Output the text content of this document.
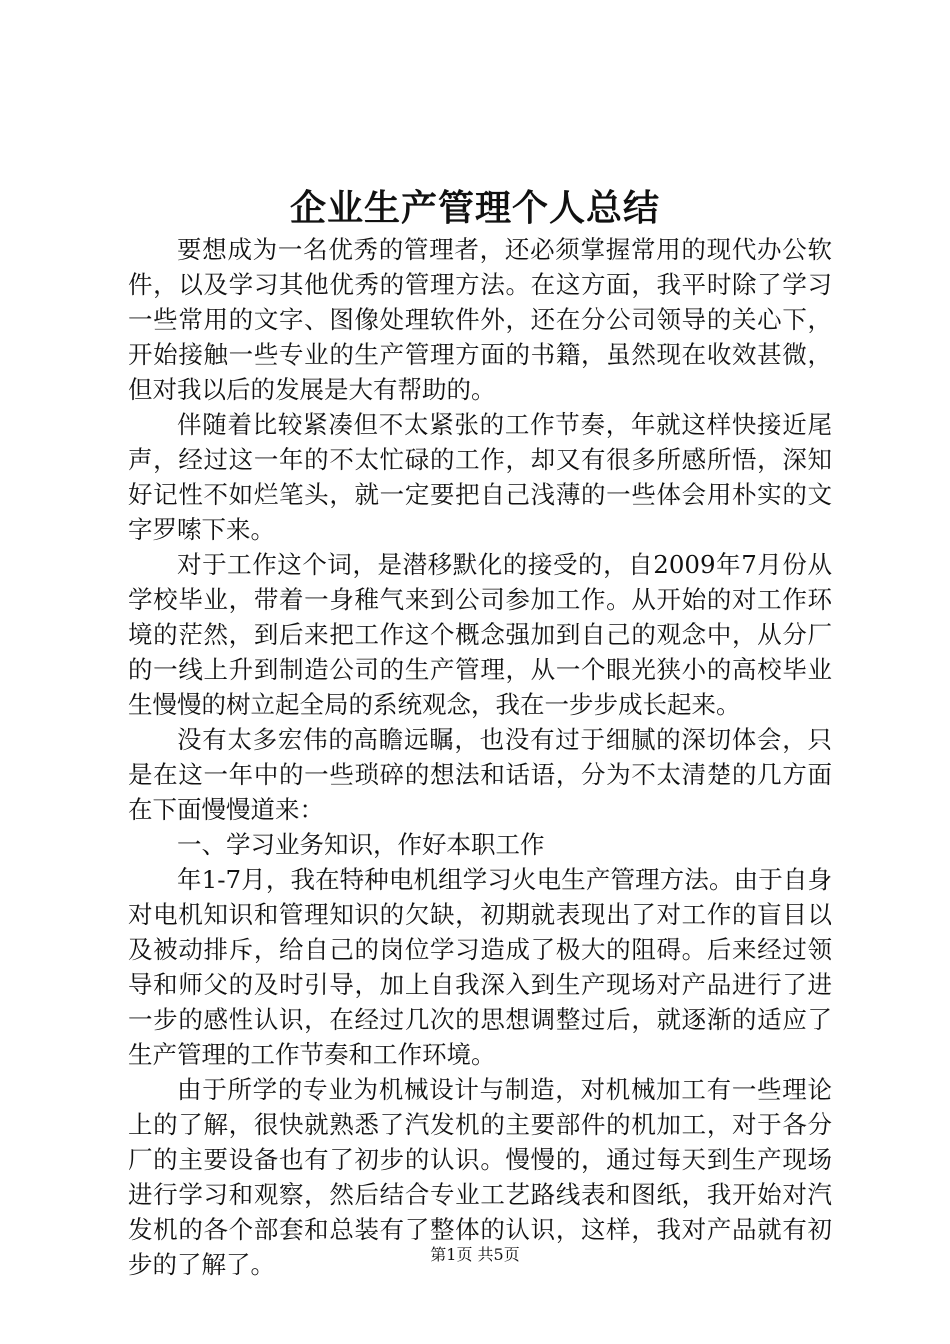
企业生产管理个人总结

要想成为一名优秀的管理者，还必须掌握常用的现代办公软件，以及学习其他优秀的管理方法。在这方面，我平时除了学习一些常用的文字、图像处理软件外，还在分公司领导的关心下，开始接触一些专业的生产管理方面的书籍，虽然现在收效甚微，但对我以后的发展是大有帮助的。

伴随着比较紧凑但不太紧张的工作节奏，年就这样快接近尾声，经过这一年的不太忙碌的工作，却又有很多所感所悟，深知好记性不如烂笔头，就一定要把自己浅薄的一些体会用朴实的文字罗嗦下来。

对于工作这个词，是潜移默化的接受的，自2009年7月份从学校毕业，带着一身稚气来到公司参加工作。从开始的对工作环境的茫然，到后来把工作这个概念强加到自己的观念中，从分厂的一线上升到制造公司的生产管理，从一个眼光狭小的高校毕业生慢慢的树立起全局的系统观念，我在一步步成长起来。

没有太多宏伟的高瞻远瞩，也没有过于细腻的深切体会，只是在这一年中的一些琐碎的想法和话语，分为不太清楚的几方面在下面慢慢道来：

一、学习业务知识，作好本职工作

年1-7月，我在特种电机组学习火电生产管理方法。由于自身对电机知识和管理知识的欠缺，初期就表现出了对工作的盲目以及被动排斥，给自己的岗位学习造成了极大的阻碍。后来经过领导和师父的及时引导，加上自我深入到生产现场对产品进行了进一步的感性认识，在经过几次的思想调整过后，就逐渐的适应了生产管理的工作节奏和工作环境。

由于所学的专业为机械设计与制造，对机械加工有一些理论上的了解，很快就熟悉了汽发机的主要部件的机加工，对于各分厂的主要设备也有了初步的认识。慢慢的，通过每天到生产现场进行学习和观察，然后结合专业工艺路线表和图纸，我开始对汽发机的各个部套和总装有了整体的认识，这样，我对产品就有初步的了解了。	第1页 共5页
